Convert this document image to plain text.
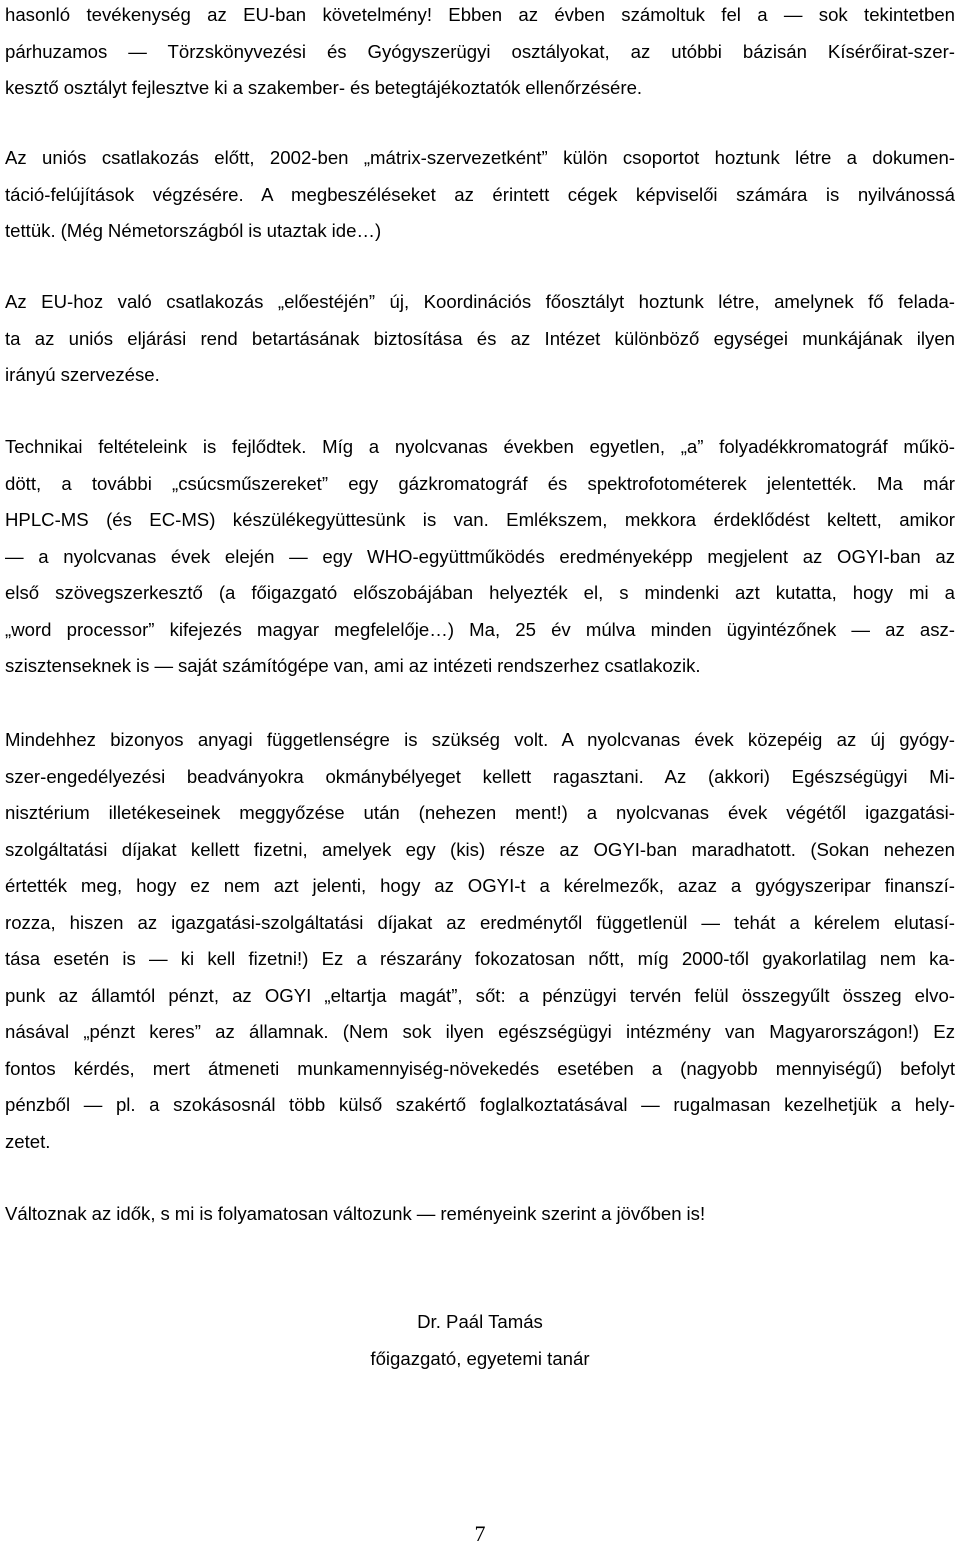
hasonló tevékenység az EU-ban követelmény! Ebben az évben számoltuk fel a — sok tekintetben
párhuzamos — Törzskönyvezési és Gyógyszerügyi osztályokat, az utóbbi bázisán Kísérőirat-szer-
kesztő osztályt fejlesztve ki a szakember- és betegtájékoztatók ellenőrzésére.
Az uniós csatlakozás előtt, 2002-ben „mátrix-szervezetként” külön csoportot hoztunk létre a dokumen-
táció-felújítások végzésére. A megbeszéléseket az érintett cégek képviselői számára is nyilvánossá
tettük. (Még Németországból is utaztak ide…)
Az EU-hoz való csatlakozás „előestéjén” új, Koordinációs főosztályt hoztunk létre, amelynek fő felada-
ta az uniós eljárási rend betartásának biztosítása és az Intézet különböző egységei munkájának ilyen
irányú szervezése.
Technikai feltételeink is fejlődtek. Míg a nyolcvanas években egyetlen, „a” folyadékkromatográf műkö-
dött, a további „csúcsműszereket” egy gázkromatográf és spektrofotométerek jelentették. Ma már
HPLC-MS (és EC-MS) készülékegyüttesünk is van. Emlékszem, mekkora érdeklődést keltett, amikor
— a nyolcvanas évek elején — egy WHO-együttműködés eredményeképp megjelent az OGYI-ban az
első szövegszerkesztő (a főigazgató előszobájában helyezték el, s mindenki azt kutatta, hogy mi a
„word processor” kifejezés magyar megfelelője…) Ma, 25 év múlva minden ügyintézőnek — az asz-
szisztenseknek is — saját számítógépe van, ami az intézeti rendszerhez csatlakozik.
Mindehhez bizonyos anyagi függetlenségre is szükség volt. A nyolcvanas évek közepéig az új gyógy-
szer-engedélyezési beadványokra okmánybélyeget kellett ragasztani. Az (akkori) Egészségügyi Mi-
nisztérium illetékeseinek meggyőzése után (nehezen ment!) a nyolcvanas évek végétől igazgatási-
szolgáltatási díjakat kellett fizetni, amelyek egy (kis) része az OGYI-ban maradhatott. (Sokan nehezen
értették meg, hogy ez nem azt jelenti, hogy az OGYI-t a kérelmezők, azaz a gyógyszeripar finanszí-
rozza, hiszen az igazgatási-szolgáltatási díjakat az eredménytől függetlenül — tehát a kérelem elutasí-
tása esetén is — ki kell fizetni!) Ez a részarány fokozatosan nőtt, míg 2000-től gyakorlatilag nem ka-
punk az államtól pénzt, az OGYI „eltartja magát”, sőt: a pénzügyi tervén felül összegyűlt összeg elvo-
násával „pénzt keres” az államnak. (Nem sok ilyen egészségügyi intézmény van Magyarországon!) Ez
fontos kérdés, mert átmeneti munkamennyiség-növekedés esetében a (nagyobb mennyiségű) befolyt
pénzből — pl. a szokásosnál több külső szakértő foglalkoztatásával — rugalmasan kezelhetjük a hely-
zetet.
Változnak az idők, s mi is folyamatosan változunk — reményeink szerint a jövőben is!

Dr. Paál Tamás

főigazgató, egyetemi tanár

7
